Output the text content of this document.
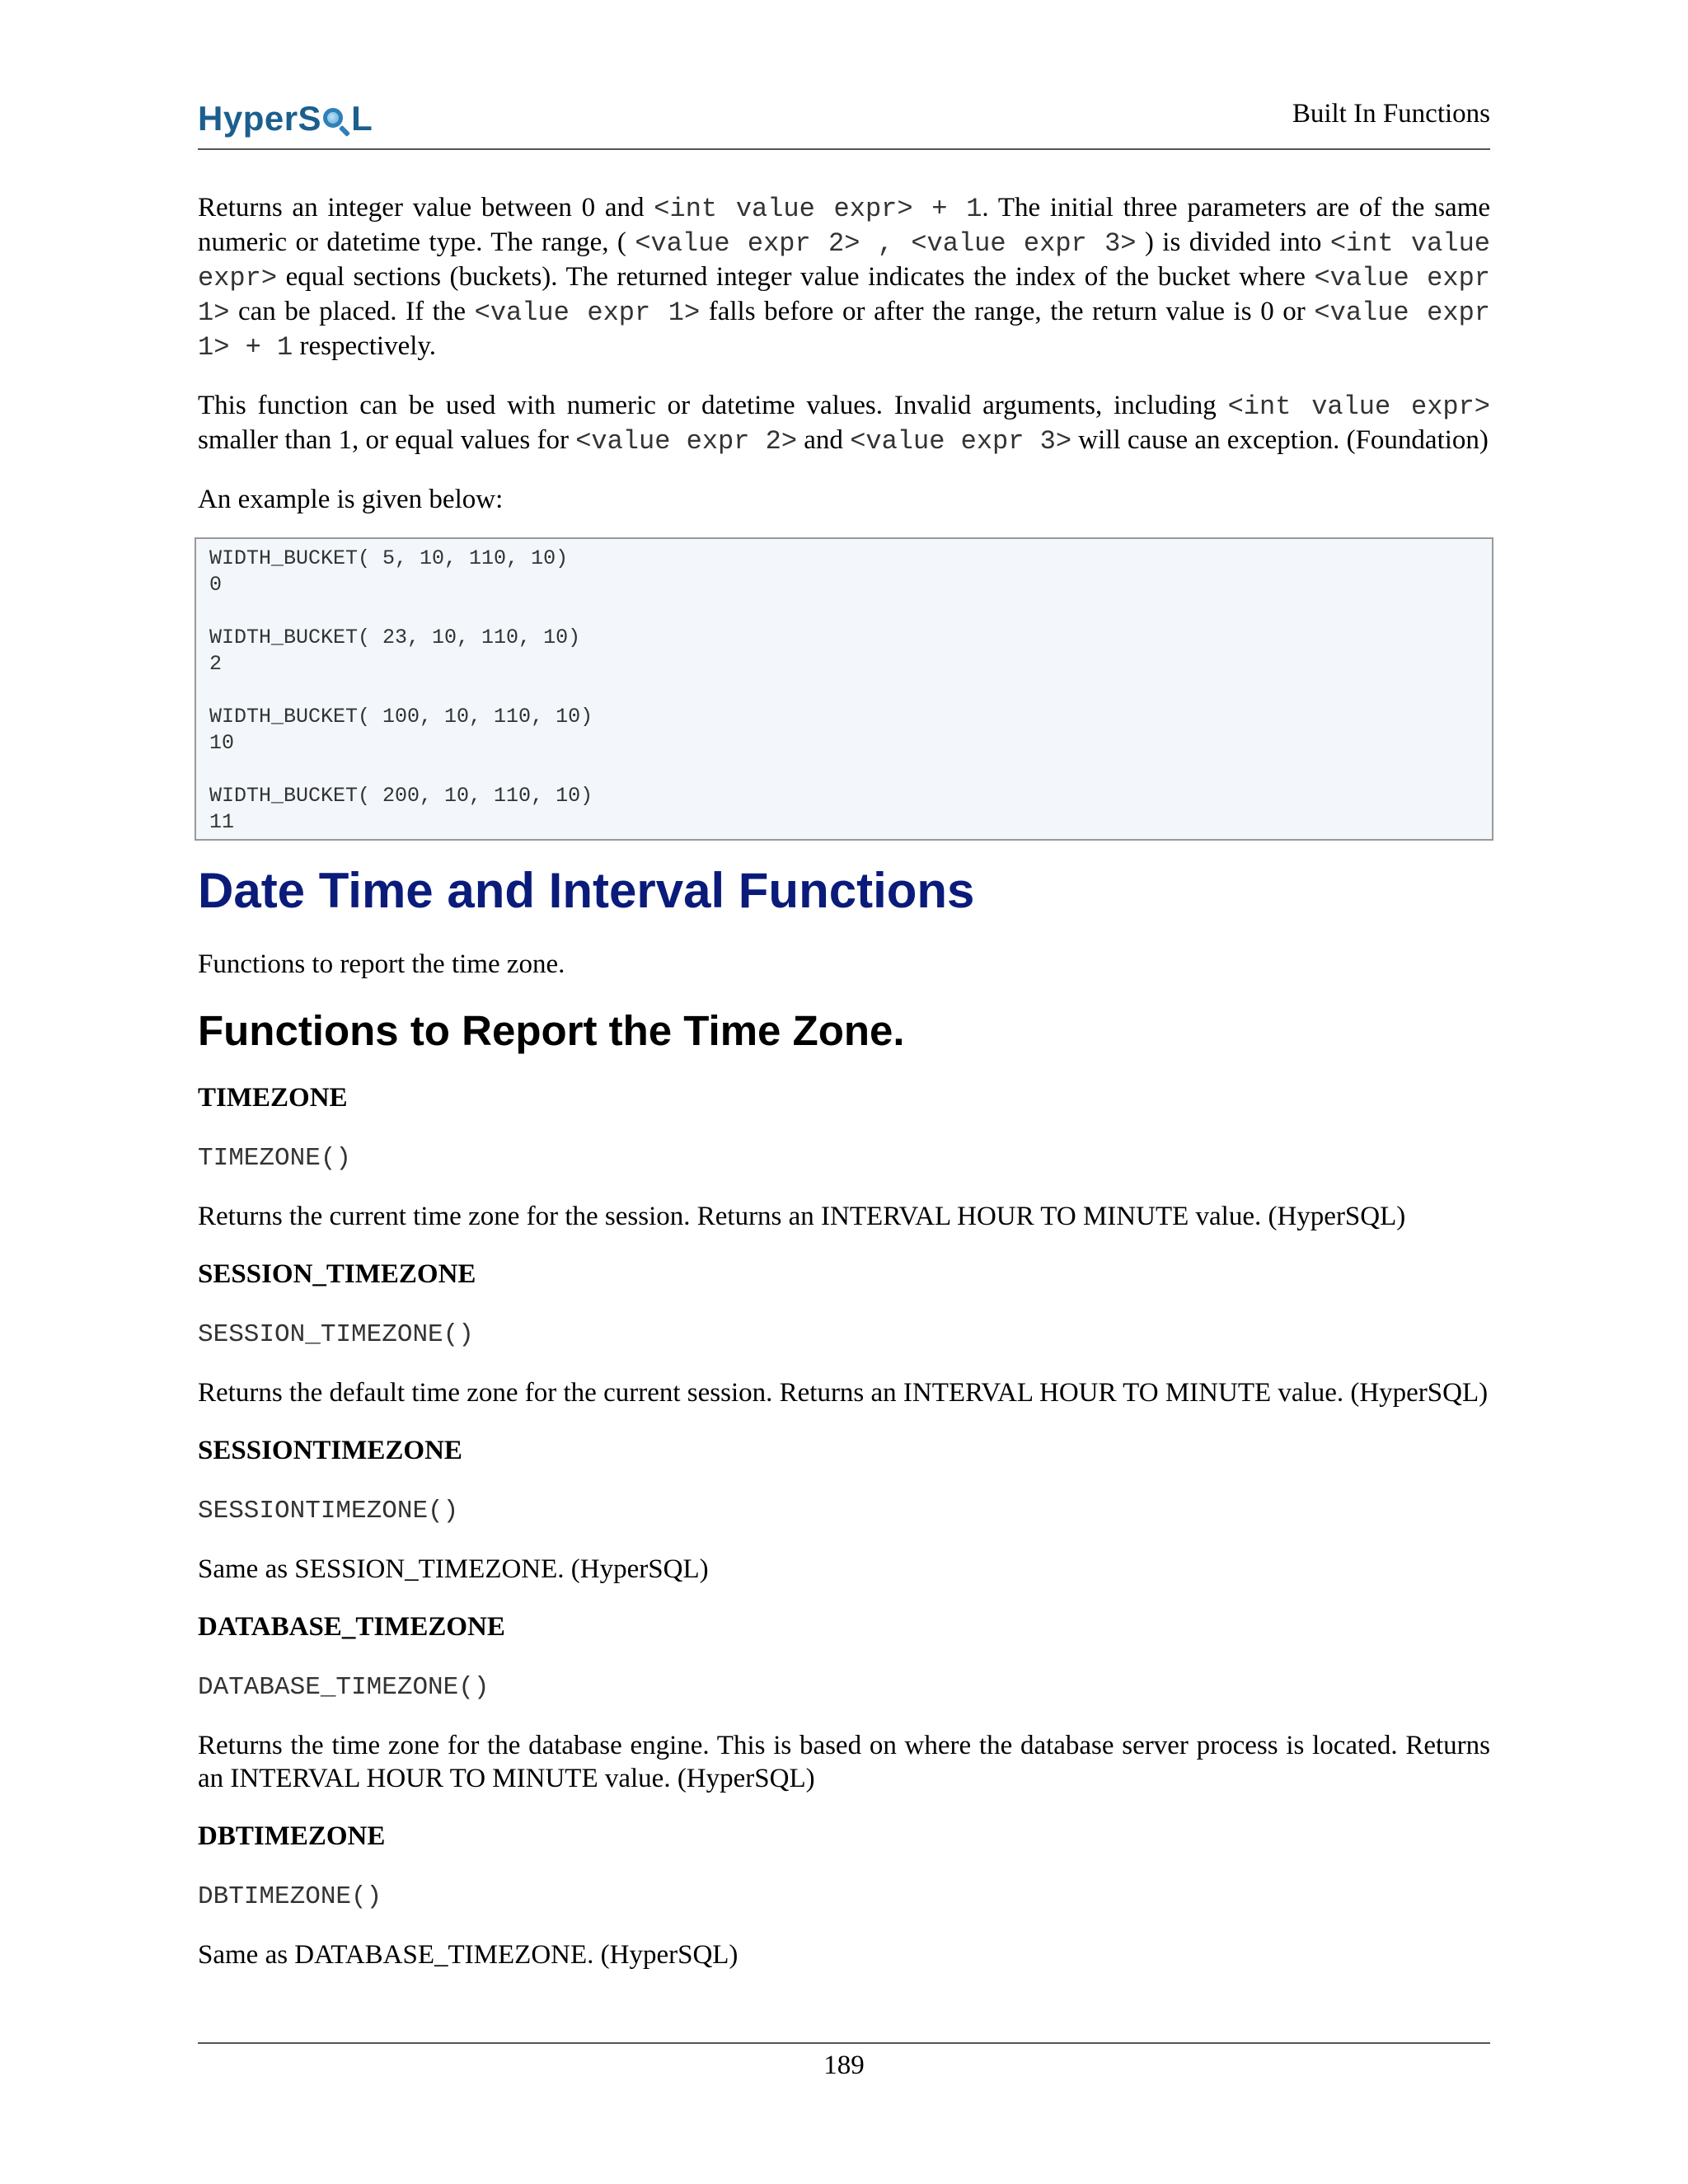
HyperS L	Built In Functions

Returns an integer value between 0 and <int value expr> + 1. The initial three parameters are of the same numeric or datetime type. The range, ( <value expr 2> , <value expr 3> ) is divided into <int value expr> equal sections (buckets). The returned integer value indicates the index of the bucket where <value expr 1> can be placed. If the <value expr 1> falls before or after the range, the return value is 0 or <value expr 1> + 1 respectively.

This function can be used with numeric or datetime values. Invalid arguments, including <int value expr> smaller than 1, or equal values for <value expr 2> and <value expr 3> will cause an exception. (Foundation)

An example is given below:

WIDTH_BUCKET( 5, 10, 110, 10)
0

WIDTH_BUCKET( 23, 10, 110, 10)
2

WIDTH_BUCKET( 100, 10, 110, 10)
10

WIDTH_BUCKET( 200, 10, 110, 10)
11
Date Time and Interval Functions

Functions to report the time zone.

Functions to Report the Time Zone.
TIMEZONE
TIMEZONE()

Returns the current time zone for the session. Returns an INTERVAL HOUR TO MINUTE value. (HyperSQL)

SESSION_TIMEZONE
SESSION_TIMEZONE()

Returns the default time zone for the current session. Returns an INTERVAL HOUR TO MINUTE value. (HyperSQL)

SESSIONTIMEZONE
SESSIONTIMEZONE()

Same as SESSION_TIMEZONE. (HyperSQL)

DATABASE_TIMEZONE
DATABASE_TIMEZONE()

Returns the time zone for the database engine. This is based on where the database server process is located. Returns an INTERVAL HOUR TO MINUTE value. (HyperSQL)

DBTIMEZONE
DBTIMEZONE()

Same as DATABASE_TIMEZONE. (HyperSQL)

189
